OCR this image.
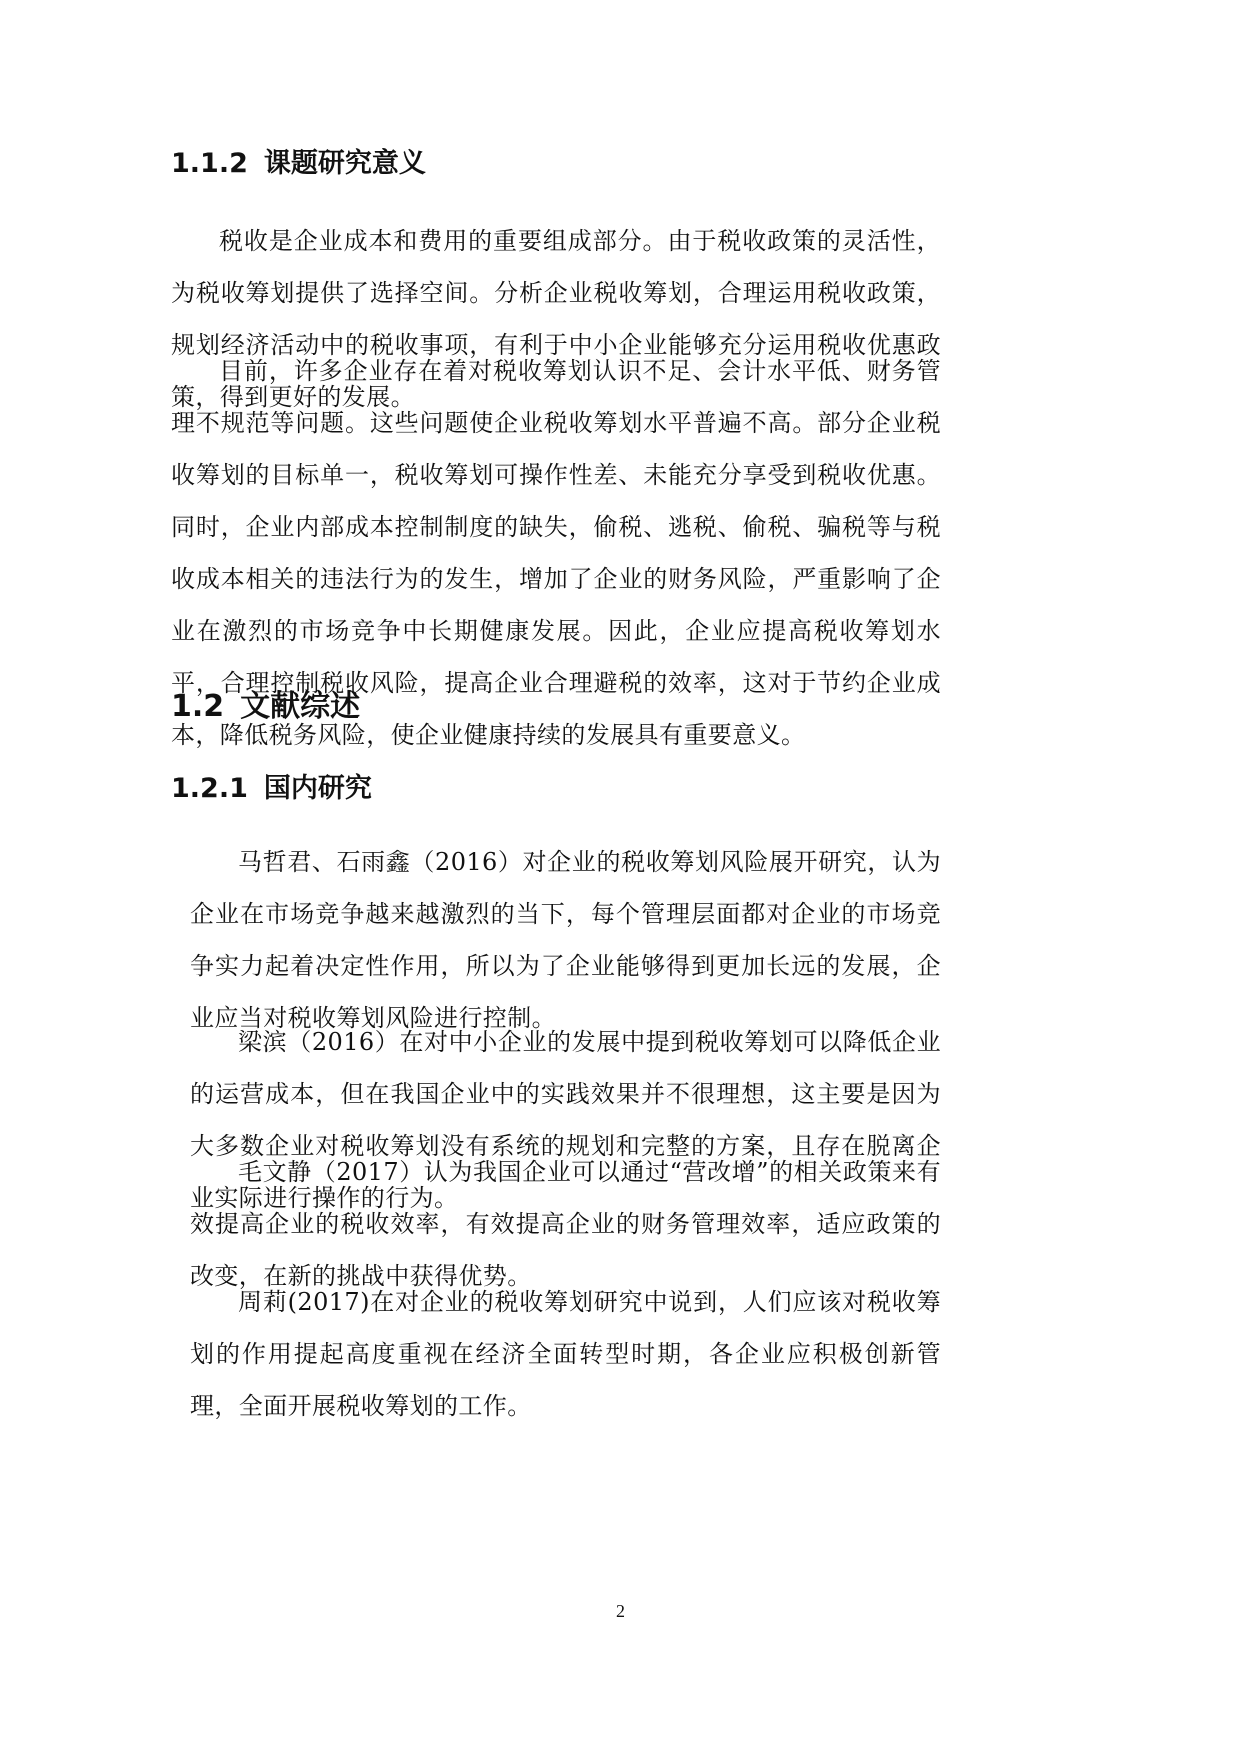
1.1.2 课题研究意义

税收是企业成本和费用的重要组成部分。由于税收政策的灵活性，为税收筹划提供了选择空间。分析企业税收筹划，合理运用税收政策，规划经济活动中的税收事项，有利于中小企业能够充分运用税收优惠政策，得到更好的发展。

目前，许多企业存在着对税收筹划认识不足、会计水平低、财务管理不规范等问题。这些问题使企业税收筹划水平普遍不高。部分企业税收筹划的目标单一，税收筹划可操作性差、未能充分享受到税收优惠。同时，企业内部成本控制制度的缺失，偷税、逃税、偷税、骗税等与税收成本相关的违法行为的发生，增加了企业的财务风险，严重影响了企业在激烈的市场竞争中长期健康发展。因此，企业应提高税收筹划水平，合理控制税收风险，提高企业合理避税的效率，这对于节约企业成本，降低税务风险，使企业健康持续的发展具有重要意义。

1.2 文献综述
1.2.1 国内研究

马哲君、石雨鑫（2016）对企业的税收筹划风险展开研究，认为企业在市场竞争越来越激烈的当下，每个管理层面都对企业的市场竞争实力起着决定性作用，所以为了企业能够得到更加长远的发展，企业应当对税收筹划风险进行控制。

梁滨（2016）在对中小企业的发展中提到税收筹划可以降低企业的运营成本，但在我国企业中的实践效果并不很理想，这主要是因为大多数企业对税收筹划没有系统的规划和完整的方案，且存在脱离企业实际进行操作的行为。

毛文静（2017）认为我国企业可以通过“营改增”的相关政策来有效提高企业的税收效率，有效提高企业的财务管理效率，适应政策的改变，在新的挑战中获得优势。

周莉(2017)在对企业的税收筹划研究中说到，人们应该对税收筹划的作用提起高度重视在经济全面转型时期，各企业应积极创新管理，全面开展税收筹划的工作。

2
